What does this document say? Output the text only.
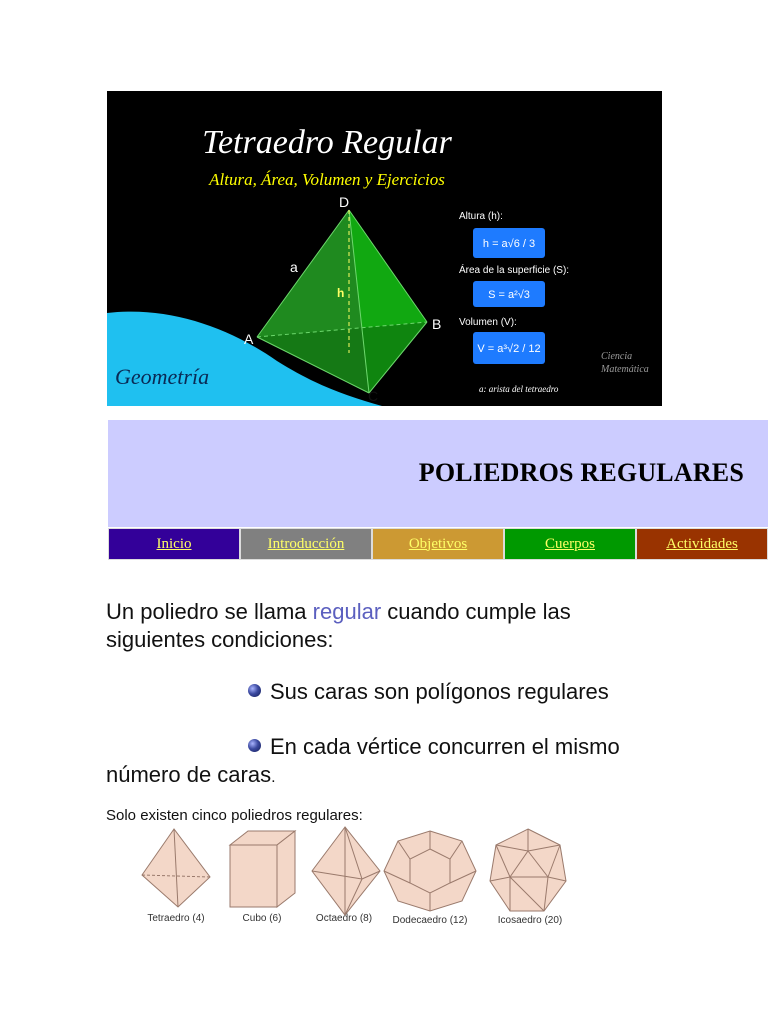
Tetraedro Regular
Altura, Área, Volumen y Ejercicios
D
A
B
C
a
h
Altura (h):
h = a√6 / 3
Área de la superficie (S):
S = a²√3
Volumen (V):
V = a³√2 / 12
Ciencia
Matemática
a: arista del tetraedro
Geometría
POLIEDROS REGULARES
Inicio	Introducción	Objetivos	Cuerpos	Actividades

Un poliedro se llama regular cuando cumple las siguientes condiciones:

Sus caras son polígonos regulares
En cada vértice concurren el mismo
número de caras.
Solo existen cinco poliedros regulares:
Tetraedro (4)	Cubo (6)	Octaedro (8) Dodecaedro (12)	Icosaedro (20)
